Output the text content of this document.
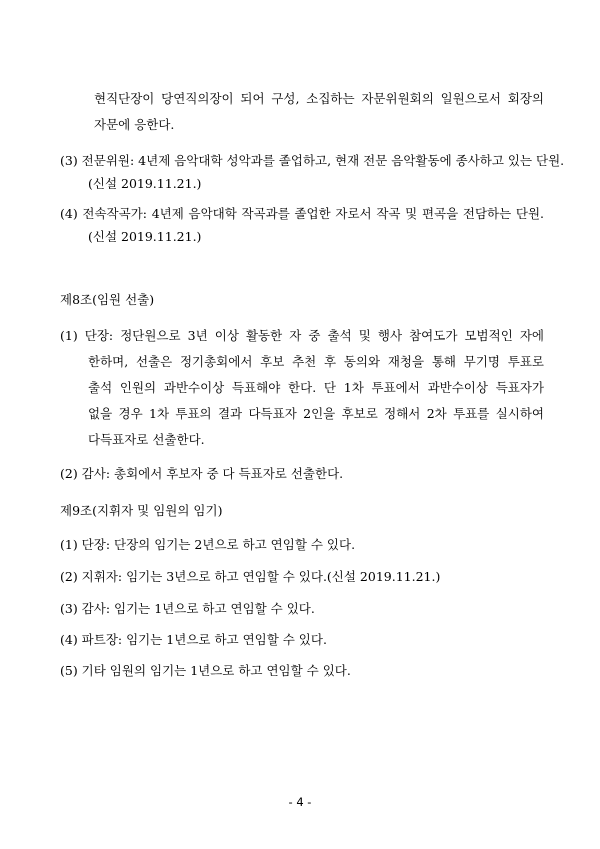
현직단장이 당연직의장이 되어 구성, 소집하는 자문위원회의 일원으로서 회장의
자문에 응한다.
(3) 전문위원: 4년제 음악대학 성악과를 졸업하고, 현재 전문 음악활동에 종사하고 있는 단원.
(신설 2019.11.21.)
(4) 전속작곡가: 4년제 음악대학 작곡과를 졸업한 자로서 작곡 및 편곡을 전담하는 단원.
(신설 2019.11.21.)
제8조(임원 선출)
(1) 단장: 정단원으로 3년 이상 활동한 자 중 출석 및 행사 참여도가 모범적인 자에
한하며, 선출은 정기총회에서 후보 추천 후 동의와 재청을 통해 무기명 투표로
출석 인원의 과반수이상 득표해야 한다. 단 1차 투표에서 과반수이상 득표자가
없을 경우 1차 투표의 결과 다득표자 2인을 후보로 정해서 2차 투표를 실시하여
다득표자로 선출한다.
(2) 감사: 총회에서 후보자 중 다 득표자로 선출한다.
제9조(지휘자 및 임원의 임기)
(1) 단장: 단장의 임기는 2년으로 하고 연임할 수 있다.
(2) 지휘자: 임기는 3년으로 하고 연임할 수 있다.(신설 2019.11.21.)
(3) 감사: 임기는 1년으로 하고 연임할 수 있다.
(4) 파트장: 임기는 1년으로 하고 연임할 수 있다.
(5) 기타 임원의 임기는 1년으로 하고 연임할 수 있다.
- 4 -
